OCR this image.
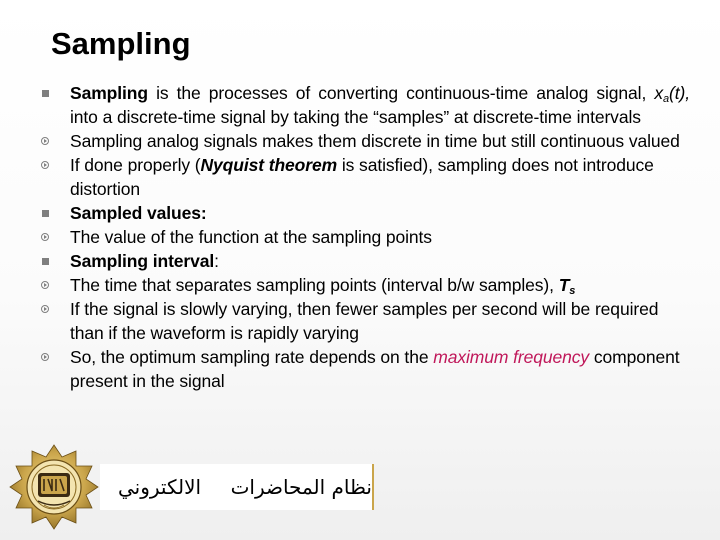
Sampling
Sampling is the processes of converting continuous-time analog signal, $x_a(t)$, into a discrete-time signal by taking the “samples” at discrete-time intervals
Sampling analog signals makes them discrete in time but still continuous valued
If done properly (Nyquist theorem is satisfied), sampling does not introduce distortion
Sampled values:
The value of the function at the sampling points
Sampling interval:
The time that separates sampling points (interval b/w samples), $T_s$
If the signal is slowly varying, then fewer samples per second will be required than if the waveform is rapidly varying
So, the optimum sampling rate depends on the maximum frequency component present in the signal
الالكتروني نظام المحاضرات
